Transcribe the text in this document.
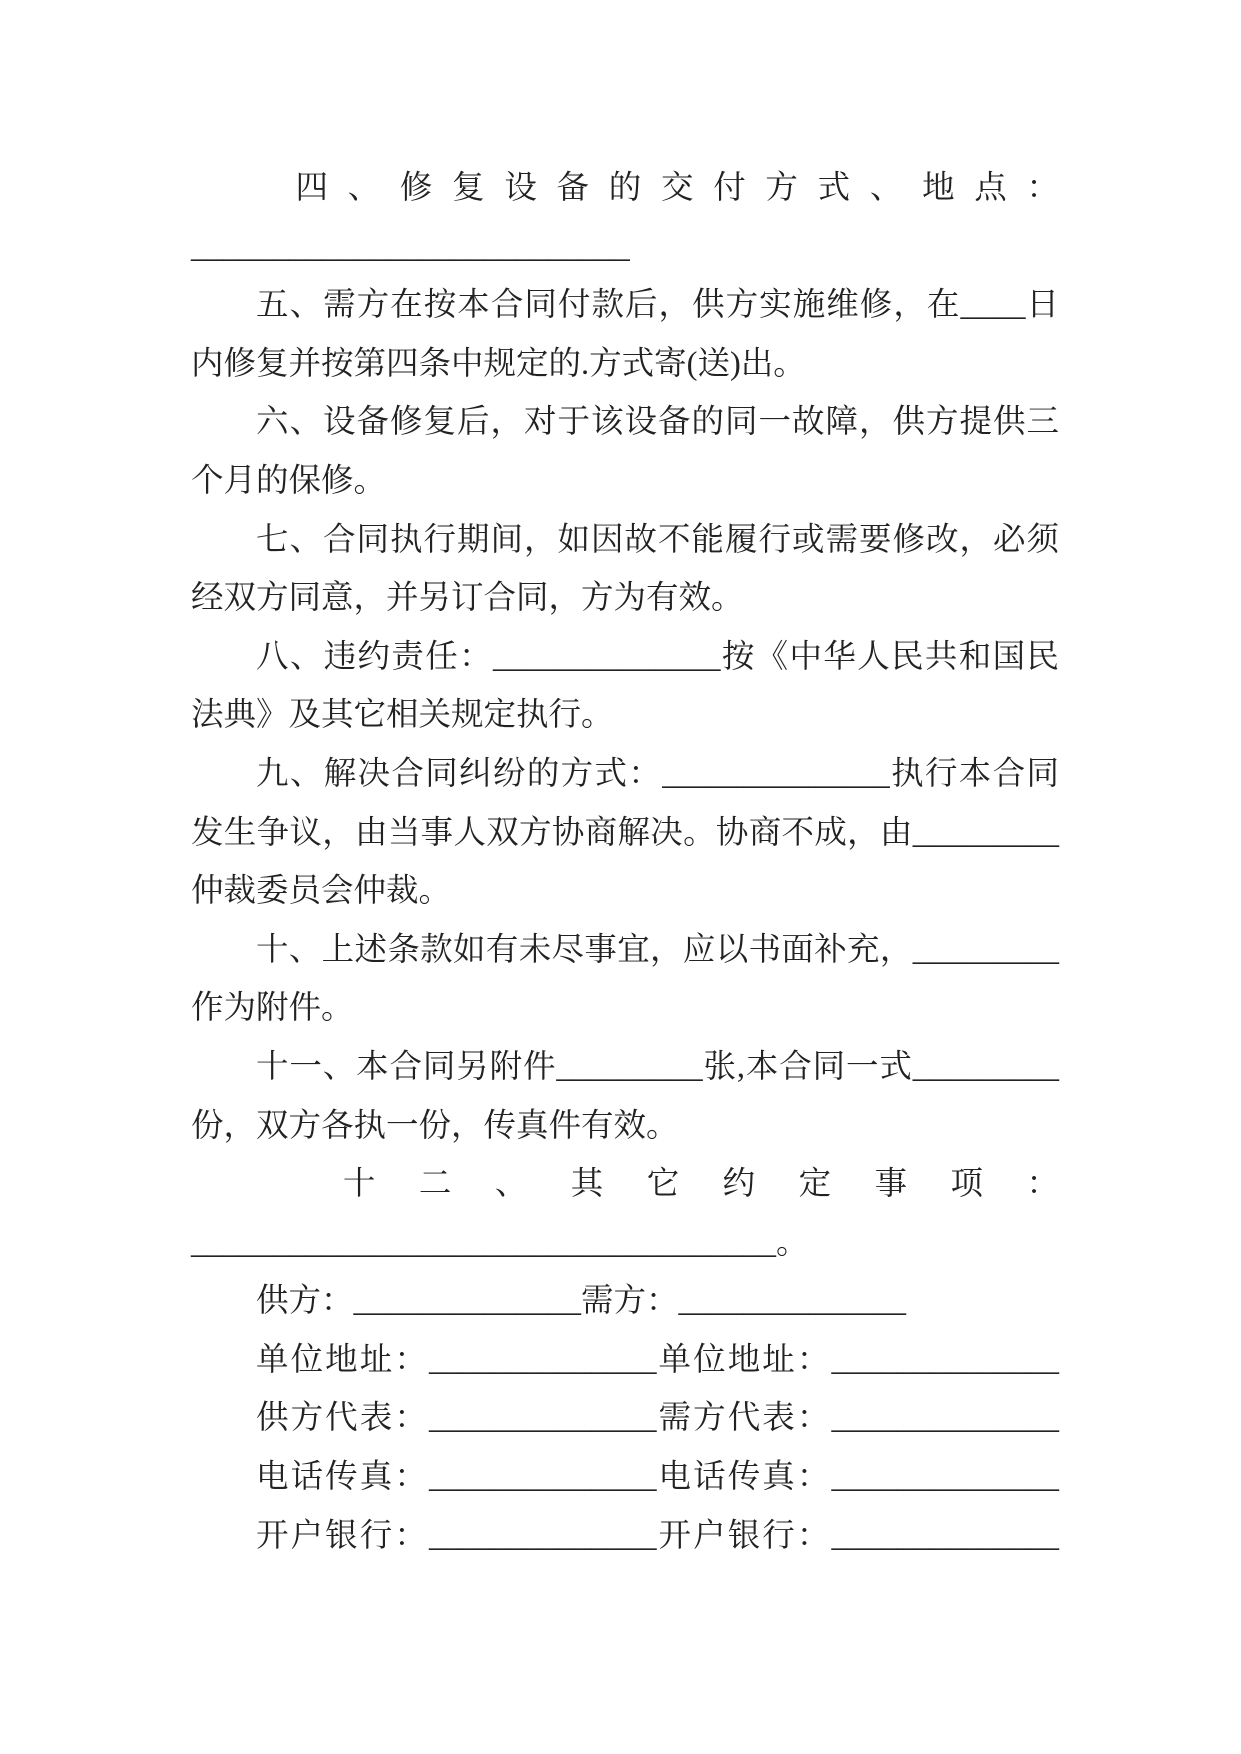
四 、 修 复 设 备 的 交 付 方 式 、 地 点 ：
___________________________
五、需方在按本合同付款后，供方实施维修，在____日
内修复并按第四条中规定的.方式寄(送)出。
六、设备修复后，对于该设备的同一故障，供方提供三
个月的保修。
七、合同执行期间，如因故不能履行或需要修改，必须
经双方同意，并另订合同，方为有效。
八、违约责任：______________按《中华人民共和国民
法典》及其它相关规定执行。
九、解决合同纠纷的方式：______________执行本合同
发生争议，由当事人双方协商解决。协商不成，由_________
仲裁委员会仲裁。
十、上述条款如有未尽事宜，应以书面补充，_________
作为附件。
十一、本合同另附件_________张,本合同一式_________
份，双方各执一份，传真件有效。
十 二 、 其 它 约 定 事 项 ：
____________________________________。
供方：______________需方：______________
单位地址：______________单位地址：______________
供方代表：______________需方代表：______________
电话传真：______________电话传真：______________
开户银行：______________开户银行：______________
